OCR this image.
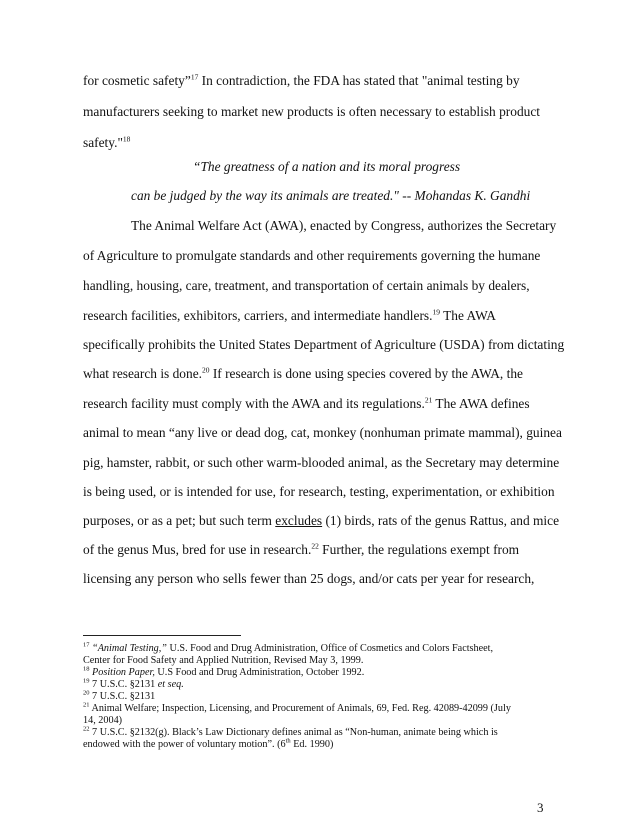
for cosmetic safety”$^{17}$ In contradiction, the FDA has stated that "animal testing by
manufacturers seeking to market new products is often necessary to establish product
safety."$^{18}$
“The greatness of a nation and its moral progress
can be judged by the way its animals are treated." -- Mohandas K. Gandhi
The Animal Welfare Act (AWA), enacted by Congress, authorizes the Secretary
of Agriculture to promulgate standards and other requirements governing the humane
handling, housing, care, treatment, and transportation of certain animals by dealers,
research facilities, exhibitors, carriers, and intermediate handlers.$^{19}$ The AWA
specifically prohibits the United States Department of Agriculture (USDA) from dictating
what research is done.$^{20}$ If research is done using species covered by the AWA, the
research facility must comply with the AWA and its regulations.$^{21}$ The AWA defines
animal to mean “any live or dead dog, cat, monkey (nonhuman primate mammal), guinea
pig, hamster, rabbit, or such other warm-blooded animal, as the Secretary may determine
is being used, or is intended for use, for research, testing, experimentation, or exhibition
purposes, or as a pet; but such term excludes (1) birds, rats of the genus Rattus, and mice
of the genus Mus, bred for use in research.$^{22}$ Further, the regulations exempt from
licensing any person who sells fewer than 25 dogs, and/or cats per year for research,
$^{17}$ “Animal Testing,” U.S. Food and Drug Administration, Office of Cosmetics and Colors Factsheet,
Center for Food Safety and Applied Nutrition, Revised May 3, 1999.
$^{18}$ Position Paper, U.S Food and Drug Administration, October 1992.
$^{19}$ 7 U.S.C. §2131 et seq.
$^{20}$ 7 U.S.C. §2131
$^{21}$ Animal Welfare; Inspection, Licensing, and Procurement of Animals, 69, Fed. Reg. 42089-42099 (July
14, 2004)
$^{22}$ 7 U.S.C. §2132(g). Black’s Law Dictionary defines animal as “Non-human, animate being which is
endowed with the power of voluntary motion”. (6th Ed. 1990)
3
